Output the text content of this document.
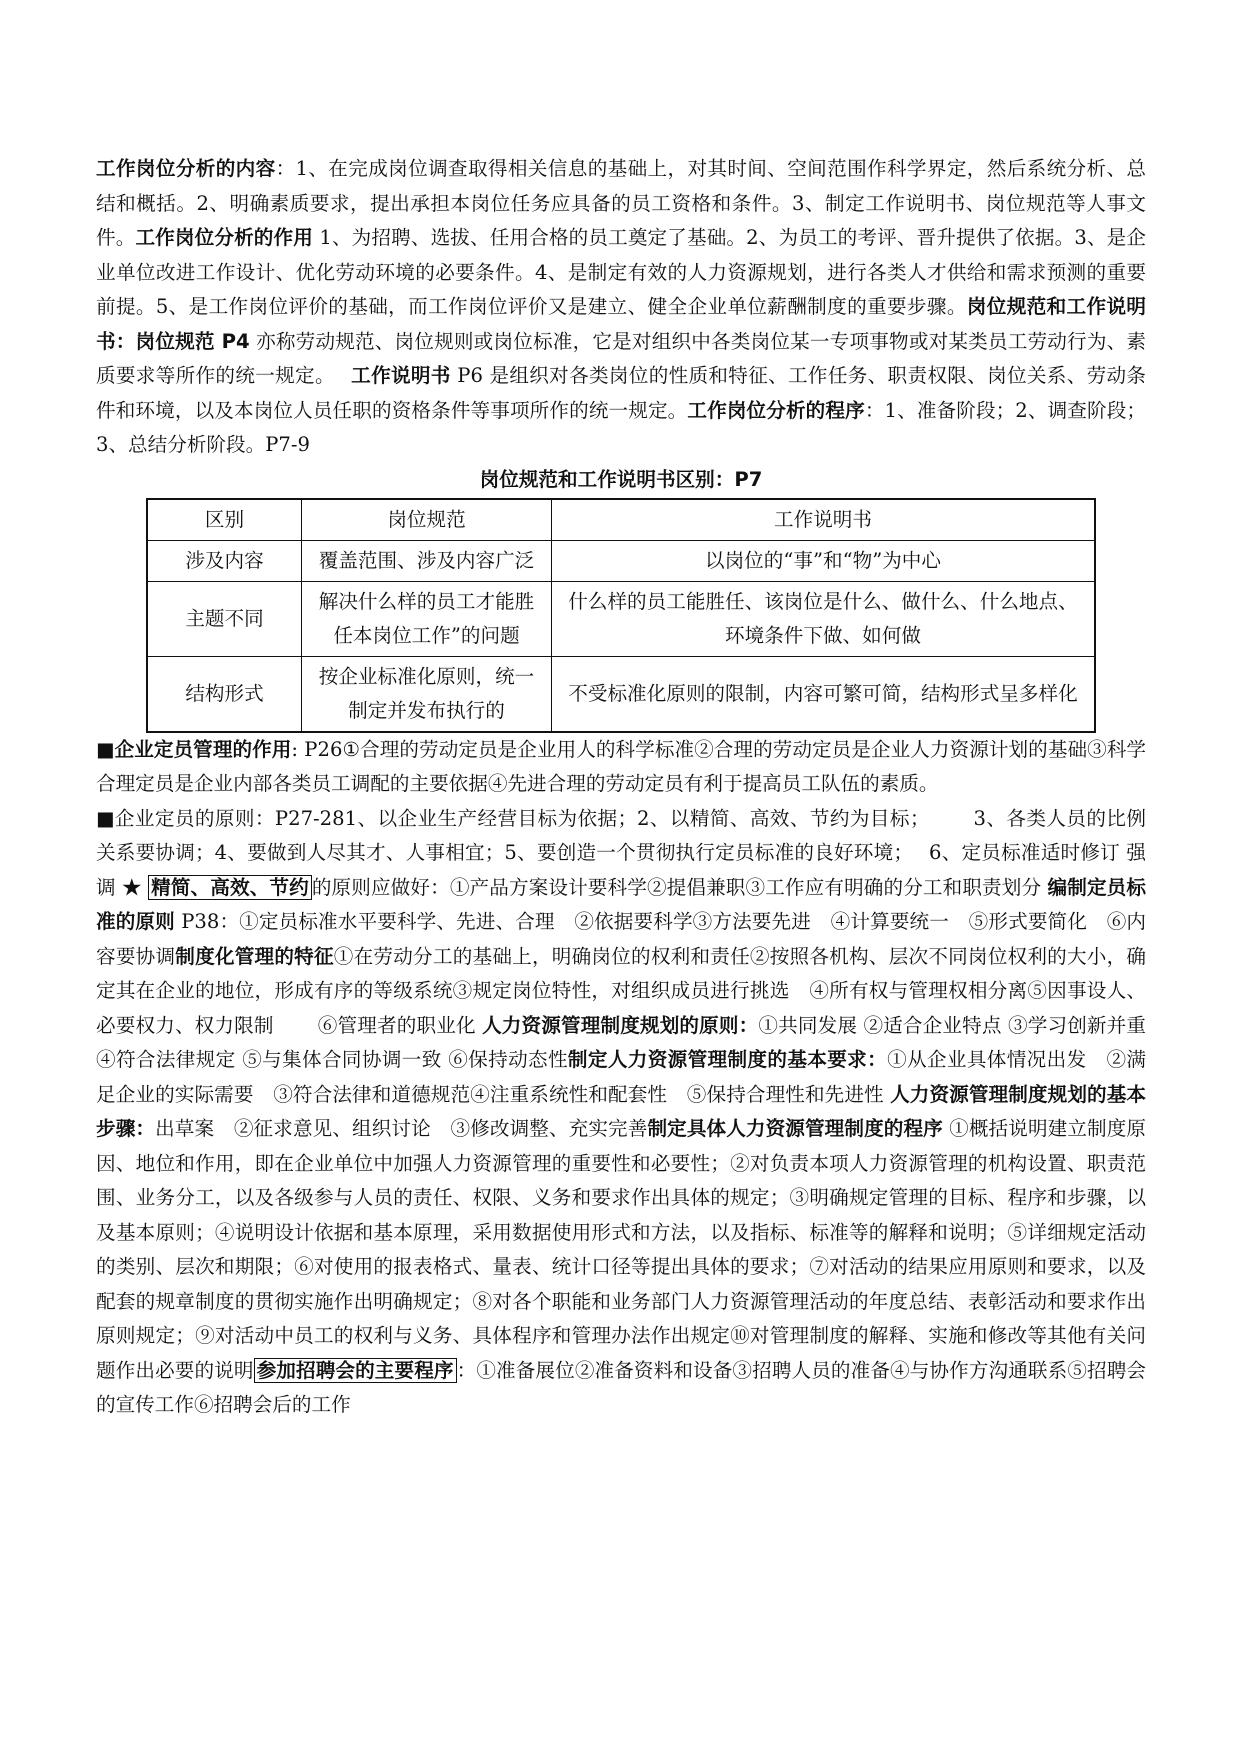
工作岗位分析的内容：1、在完成岗位调查取得相关信息的基础上，对其时间、空间范围作科学界定，然后系统分析、总结和概括。2、明确素质要求，提出承担本岗位任务应具备的员工资格和条件。3、制定工作说明书、岗位规范等人事文件。工作岗位分析的作用 1、为招聘、选拔、任用合格的员工奠定了基础。2、为员工的考评、晋升提供了依据。3、是企业单位改进工作设计、优化劳动环境的必要条件。4、是制定有效的人力资源规划，进行各类人才供给和需求预测的重要前提。5、是工作岗位评价的基础，而工作岗位评价又是建立、健全企业单位薪酬制度的重要步骤。岗位规范和工作说明书：岗位规范 P4 亦称劳动规范、岗位规则或岗位标准，它是对组织中各类岗位某一专项事物或对某类员工劳动行为、素质要求等所作的统一规定。 工作说明书 P6 是组织对各类岗位的性质和特征、工作任务、职责权限、岗位关系、劳动条件和环境，以及本岗位人员任职的资格条件等事项所作的统一规定。工作岗位分析的程序：1、准备阶段；2、调查阶段；3、总结分析阶段。P7-9

岗位规范和工作说明书区别：P7

区别	岗位规范	工作说明书
涉及内容	覆盖范围、涉及内容广泛	以岗位的“事”和“物”为中心
主题不同	解决什么样的员工才能胜任本岗位工作”的问题	什么样的员工能胜任、该岗位是什么、做什么、什么地点、环境条件下做、如何做
结构形式	按企业标准化原则，统一制定并发布执行的	不受标准化原则的限制，内容可繁可简，结构形式呈多样化

■企业定员管理的作用: P26①合理的劳动定员是企业用人的科学标准②合理的劳动定员是企业人力资源计划的基础③科学合理定员是企业内部各类员工调配的主要依据④先进合理的劳动定员有利于提高员工队伍的素质。

■企业定员的原则：P27-281、以企业生产经营目标为依据；2、以精简、高效、节约为目标； 3、各类人员的比例关系要协调；4、要做到人尽其才、人事相宜；5、要创造一个贯彻执行定员标准的良好环境； 6、定员标准适时修订 强调 ★ 精简、高效、节约 的原则应做好：①产品方案设计要科学②提倡兼职③工作应有明确的分工和职责划分 编制定员标准的原则 P38：①定员标准水平要科学、先进、合理　②依据要科学③方法要先进　④计算要统一　⑤形式要简化　⑥内容要协调制度化管理的特征①在劳动分工的基础上，明确岗位的权利和责任②按照各机构、层次不同岗位权利的大小，确定其在企业的地位，形成有序的等级系统③规定岗位特性，对组织成员进行挑选　④所有权与管理权相分离⑤因事设人、必要权力、权力限制 ⑥管理者的职业化 人力资源管理制度规划的原则：①共同发展 ②适合企业特点 ③学习创新并重 ④符合法律规定 ⑤与集体合同协调一致 ⑥保持动态性制定人力资源管理制度的基本要求：①从企业具体情况出发　②满足企业的实际需要　③符合法律和道德规范④注重系统性和配套性　⑤保持合理性和先进性 人力资源管理制度规划的基本步骤：出草案　②征求意见、组织讨论　③修改调整、充实完善制定具体人力资源管理制度的程序 ①概括说明建立制度原因、地位和作用，即在企业单位中加强人力资源管理的重要性和必要性；②对负责本项人力资源管理的机构设置、职责范围、业务分工，以及各级参与人员的责任、权限、义务和要求作出具体的规定；③明确规定管理的目标、程序和步骤，以及基本原则；④说明设计依据和基本原理，采用数据使用形式和方法，以及指标、标准等的解释和说明；⑤详细规定活动的类别、层次和期限；⑥对使用的报表格式、量表、统计口径等提出具体的要求；⑦对活动的结果应用原则和要求，以及配套的规章制度的贯彻实施作出明确规定；⑧对各个职能和业务部门人力资源管理活动的年度总结、表彰活动和要求作出原则规定；⑨对活动中员工的权利与义务、具体程序和管理办法作出规定⑩对管理制度的解释、实施和修改等其他有关问题作出必要的说明 参加招聘会的主要程序 ：①准备展位②准备资料和设备③招聘人员的准备④与协作方沟通联系⑤招聘会的宣传工作⑥招聘会后的工作
